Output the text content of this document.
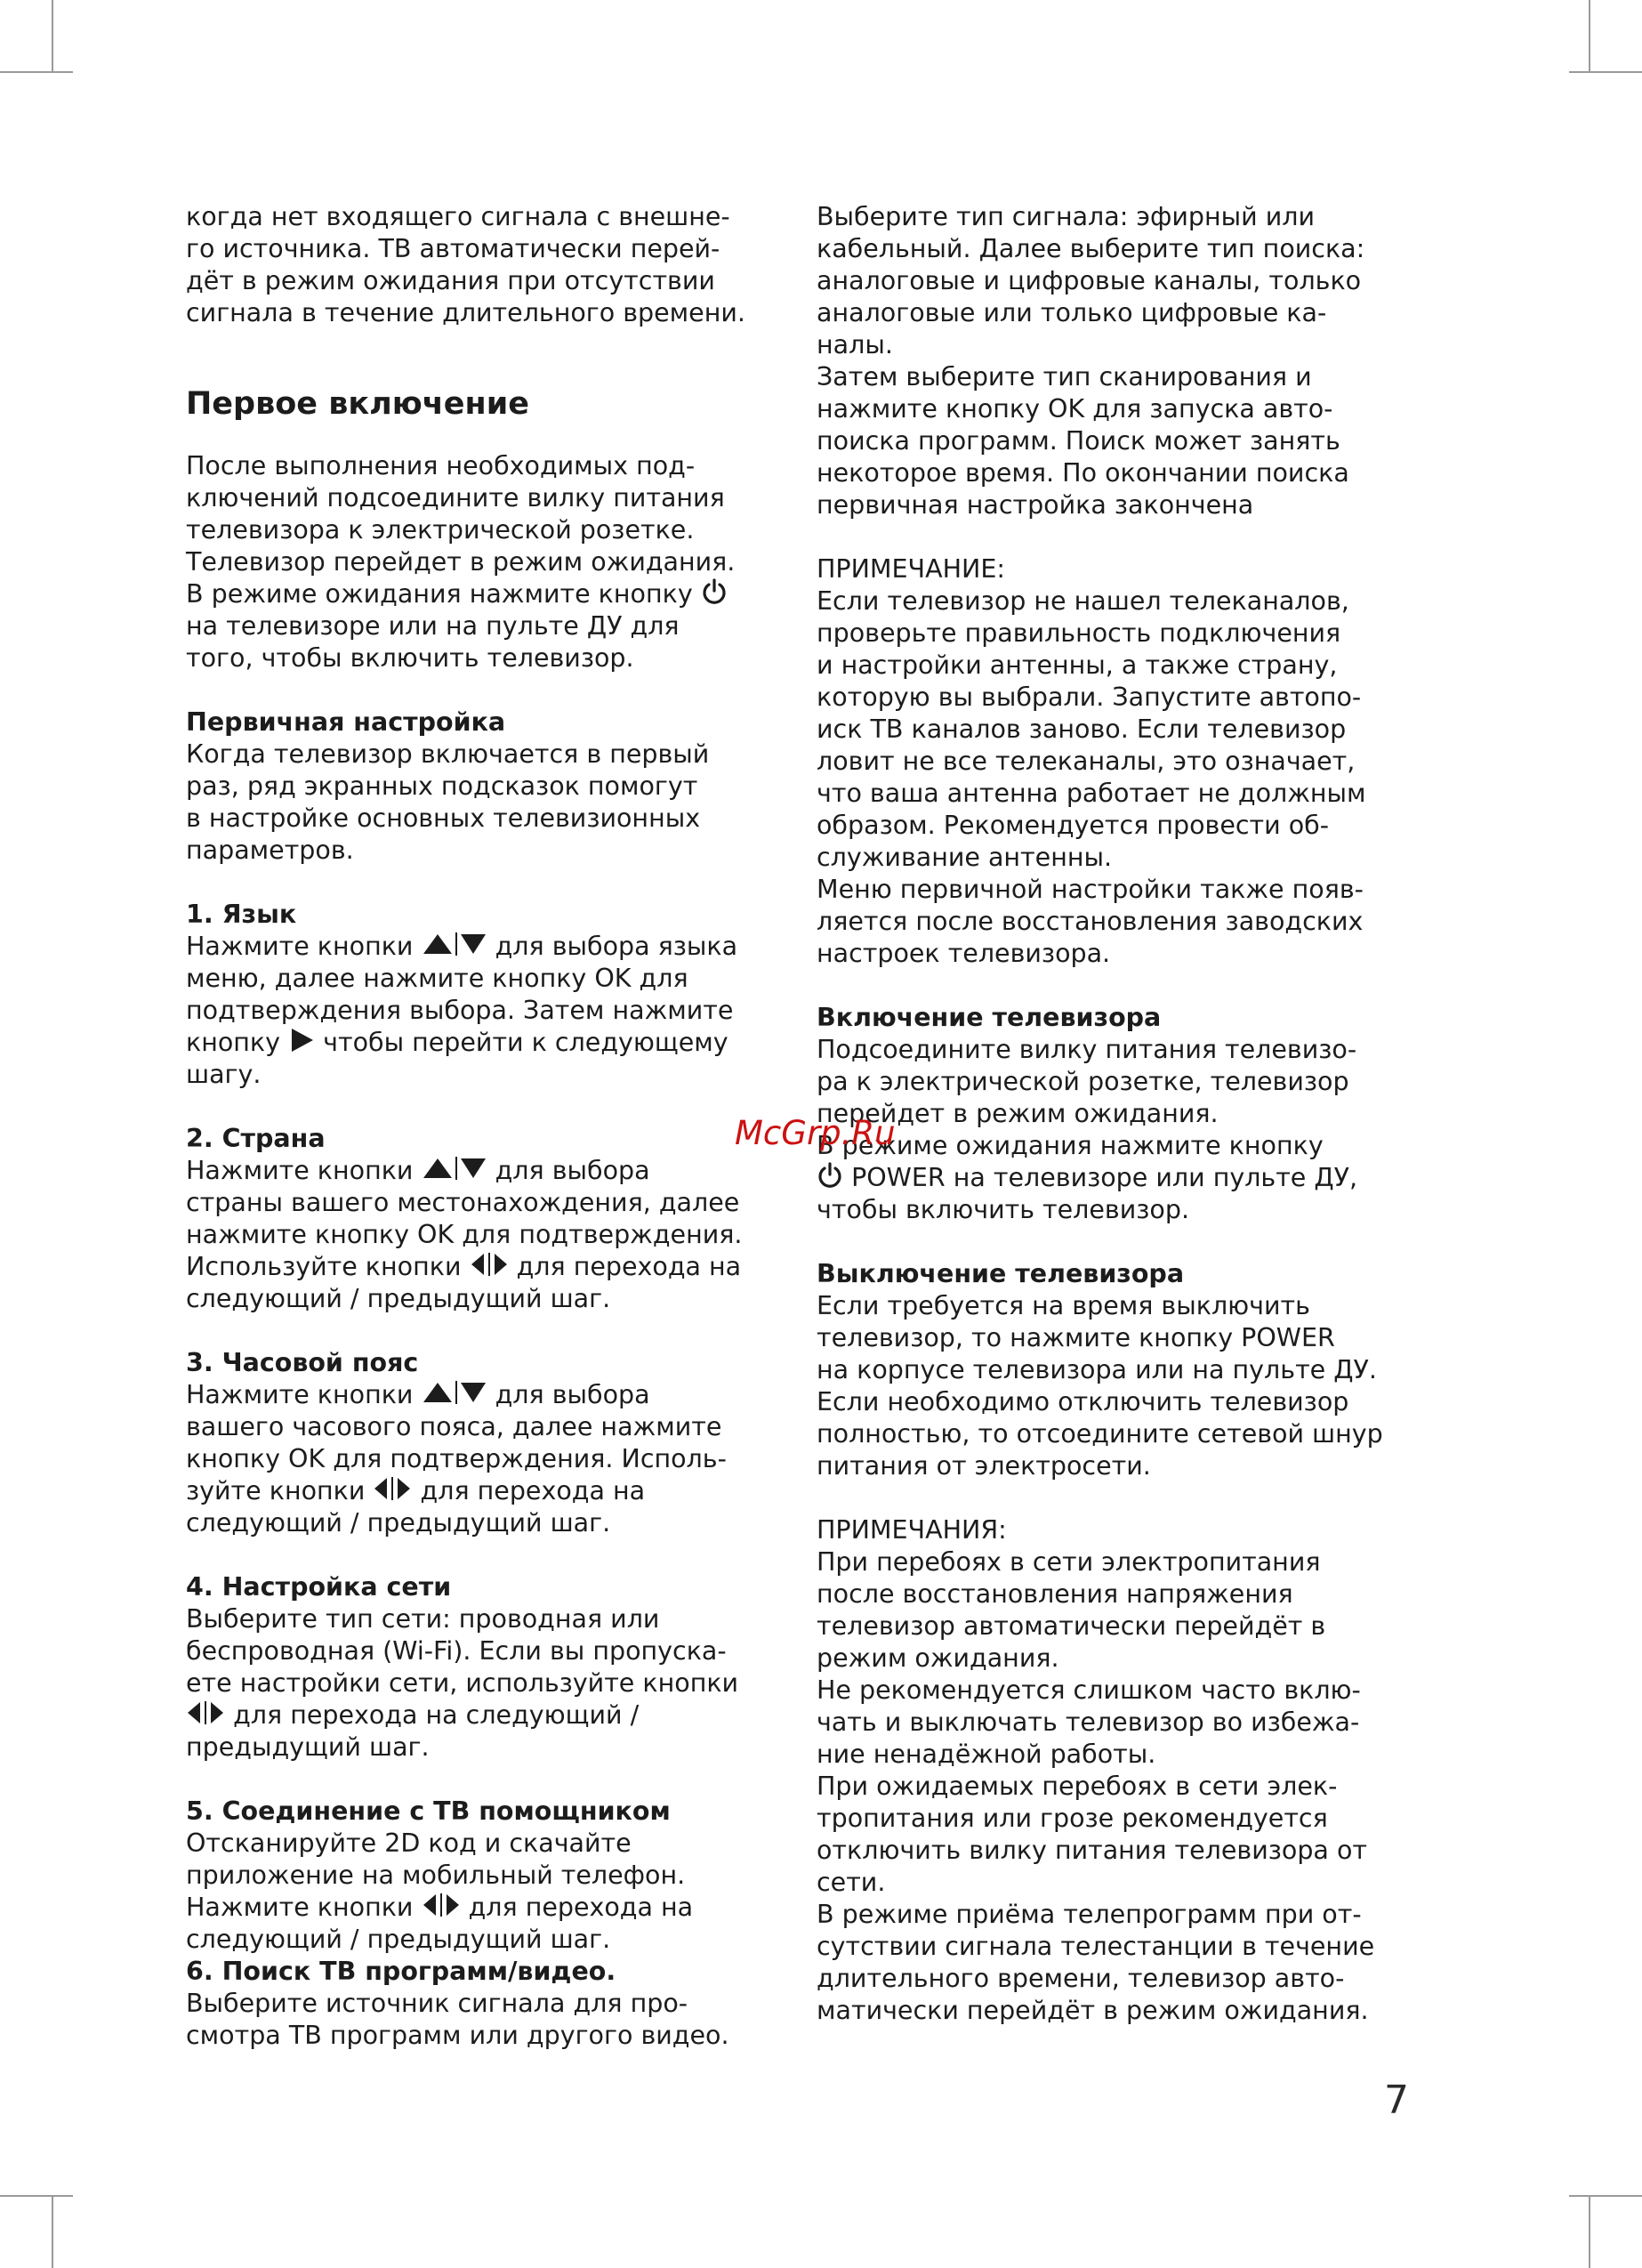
когда нет входящего сигнала с внешне-
го источника. ТВ автоматически перей-
дёт в режим ожидания при отсутствии
сигнала в течение длительного времени.
Первое включение
После выполнения необходимых под-
ключений подсоедините вилку питания
телевизора к электрической розетке.
Телевизор перейдет в режим ожидания.
В режиме ожидания нажмите кнопку

на телевизоре или на пульте ДУ для
того, чтобы включить телевизор.
Первичная настройка
Когда телевизор включается в первый
раз, ряд экранных подсказок помогут
в настройке основных телевизионных
параметров.
1. Язык
Нажмите кнопки	для выбора языка
меню, далее нажмите кнопку OK для
подтверждения выбора. Затем нажмите
кнопку чтобы перейти к следующему
шагу.
2. Страна
Нажмите кнопки	для выбора
страны вашего местонахождения, далее
нажмите кнопку OK для подтверждения.
Используйте кнопки для перехода на
следующий / предыдущий шаг.
3. Часовой пояс
Нажмите кнопки	для выбора
вашего часового пояса, далее нажмите
кнопку OK для подтверждения. Исполь-
зуйте кнопки для перехода на
следующий / предыдущий шаг.
4. Настройка сети
Выберите тип сети: проводная или
беспроводная (Wi-Fi). Если вы пропуска-
ете настройки сети, используйте кнопки

для перехода на следующий /
предыдущий шаг.
5. Соединение с ТВ помощником
Отсканируйте 2D код и скачайте
приложение на мобильный телефон.
Нажмите кнопки для перехода на
следующий / предыдущий шаг.
6. Поиск ТВ программ/видео.
Выберите источник сигнала для про-
смотра ТВ программ или другого видео.
Выберите тип сигнала: эфирный или
кабельный. Далее выберите тип поиска:
аналоговые и цифровые каналы, только
аналоговые или только цифровые ка-
налы.
Затем выберите тип сканирования и
нажмите кнопку OK для запуска авто-
поиска программ. Поиск может занять
некоторое время. По окончании поиска
первичная настройка закончена
ПРИМЕЧАНИЕ:
Если телевизор не нашел телеканалов,
проверьте правильность подключения
и настройки антенны, а также страну,
которую вы выбрали. Запустите автопо-
иск ТВ каналов заново. Если телевизор
ловит не все телеканалы, это означает,
что ваша антенна работает не должным
образом. Рекомендуется провести об-
служивание антенны.
Меню первичной настройки также появ-
ляется после восстановления заводских
настроек телевизора.
Включение телевизора
Подсоедините вилку питания телевизо-
ра к электрической розетке, телевизор
перейдет в режим ожидания.
В режиме ожидания нажмите кнопку

POWER на телевизоре или пульте ДУ,
чтобы включить телевизор.
Выключение телевизора
Если требуется на время выключить
телевизор, то нажмите кнопку POWER
на корпусе телевизора или на пульте ДУ.
Если необходимо отключить телевизор
полностью, то отсоедините сетевой шнур
питания от электросети.
ПРИМЕЧАНИЯ:
При перебоях в сети электропитания
после восстановления напряжения
телевизор автоматически перейдёт в
режим ожидания.
Не рекомендуется слишком часто вклю-
чать и выключать телевизор во избежа-
ние ненадёжной работы.
При ожидаемых перебоях в сети элек-
тропитания или грозе рекомендуется
отключить вилку питания телевизора от
сети.
В режиме приёма телепрограмм при от-
сутствии сигнала телестанции в течение
длительного времени, телевизор авто-
матически перейдёт в режим ожидания.
McGrp.Ru
7
